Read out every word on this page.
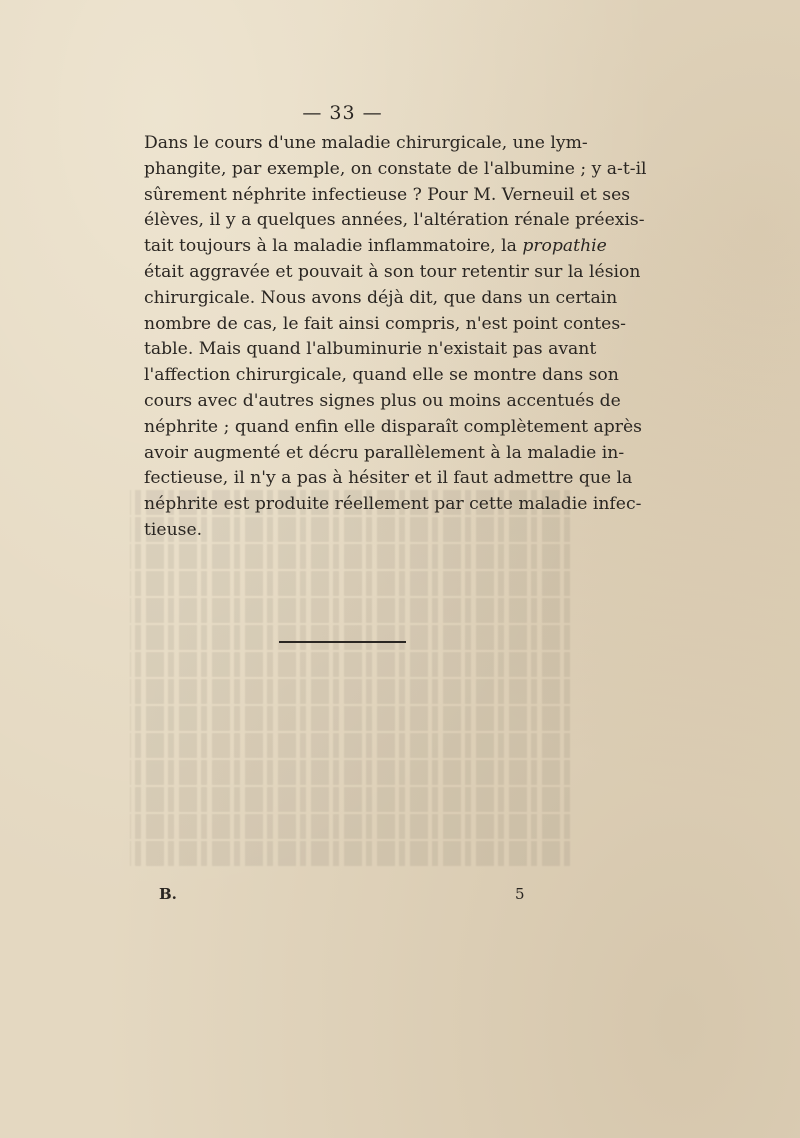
— 33 —

Dans le cours d'une maladie chirurgicale, une lym-
phangite, par exemple, on constate de l'albumine ; y a-t-il
sûrement néphrite infectieuse ? Pour M. Verneuil et ses
élèves, il y a quelques années, l'altération rénale préexis-
tait toujours à la maladie inflammatoire, la propathie
était aggravée et pouvait à son tour retentir sur la lésion
chirurgicale. Nous avons déjà dit, que dans un certain
nombre de cas, le fait ainsi compris, n'est point contes-
table. Mais quand l'albuminurie n'existait pas avant
l'affection chirurgicale, quand elle se montre dans son
cours avec d'autres signes plus ou moins accentués de
néphrite ; quand enfin elle disparaît complètement après
avoir augmenté et décru parallèlement à la maladie in-
fectieuse, il n'y a pas à hésiter et il faut admettre que la
néphrite est produite réellement par cette maladie infec-
tieuse.

B.	5
